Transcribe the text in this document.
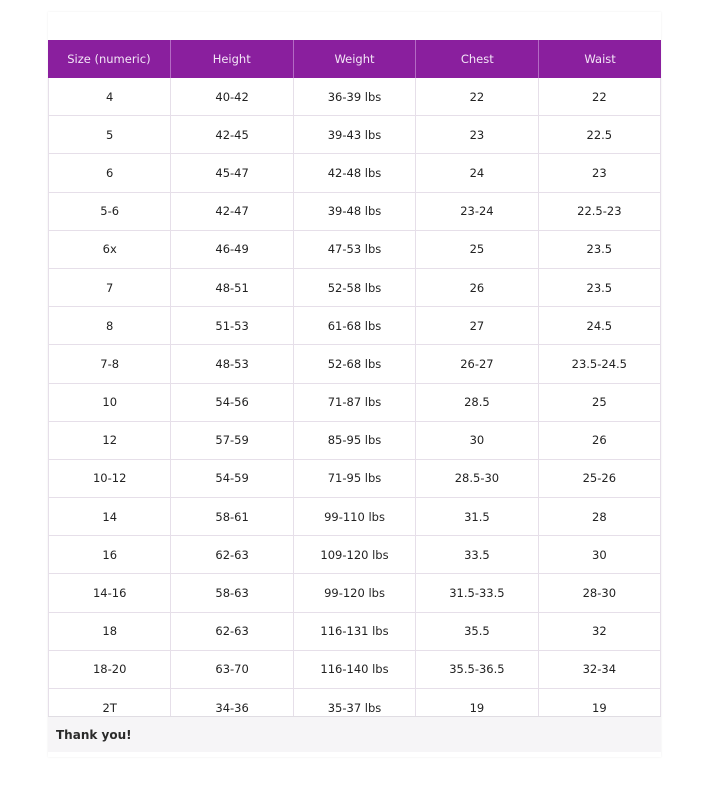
Size (numeric)	Height	Weight	Chest	Waist
4	40-42	36-39 lbs	22	22
5	42-45	39-43 lbs	23	22.5
6	45-47	42-48 lbs	24	23
5-6	42-47	39-48 lbs	23-24	22.5-23
6x	46-49	47-53 lbs	25	23.5
7	48-51	52-58 lbs	26	23.5
8	51-53	61-68 lbs	27	24.5
7-8	48-53	52-68 lbs	26-27	23.5-24.5
10	54-56	71-87 lbs	28.5	25
12	57-59	85-95 lbs	30	26
10-12	54-59	71-95 lbs	28.5-30	25-26
14	58-61	99-110 lbs	31.5	28
16	62-63	109-120 lbs	33.5	30
14-16	58-63	99-120 lbs	31.5-33.5	28-30
18	62-63	116-131 lbs	35.5	32
18-20	63-70	116-140 lbs	35.5-36.5	32-34
2T	34-36	35-37 lbs	19	19
Thank you!
